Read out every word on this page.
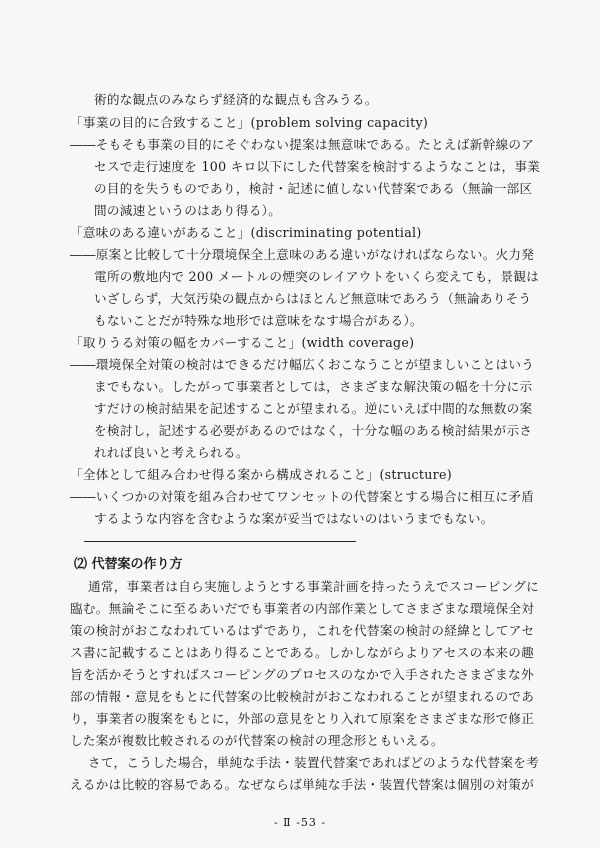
術的な観点のみならず経済的な観点も含みうる。
「事業の目的に合致すること」(problem solving capacity)
――そもそも事業の目的にそぐわない提案は無意味である。たとえば新幹線のア
セスで走行速度を 100 キロ以下にした代替案を検討するようなことは，事業
の目的を失うものであり，検討・記述に値しない代替案である（無論一部区
間の減速というのはあり得る）。
「意味のある違いがあること」(discriminating potential)
――原案と比較して十分環境保全上意味のある違いがなければならない。火力発
電所の敷地内で 200 メートルの煙突のレイアウトをいくら変えても，景観は
いざしらず，大気汚染の観点からはほとんど無意味であろう（無論ありそう
もないことだが特殊な地形では意味をなす場合がある）。
「取りうる対策の幅をカバーすること」(width coverage)
――環境保全対策の検討はできるだけ幅広くおこなうことが望ましいことはいう
までもない。したがって事業者としては，さまざまな解決策の幅を十分に示
すだけの検討結果を記述することが望まれる。逆にいえば中間的な無数の案
を検討し，記述する必要があるのではなく，十分な幅のある検討結果が示さ
れれば良いと考えられる。
「全体として組み合わせ得る案から構成されること」(structure)
――いくつかの対策を組み合わせてワンセットの代替案とする場合に相互に矛盾
するような内容を含むような案が妥当ではないのはいうまでもない。
⑵ 代替案の作り方
通常，事業者は自ら実施しようとする事業計画を持ったうえでスコーピングに
臨む。無論そこに至るあいだでも事業者の内部作業としてさまざまな環境保全対
策の検討がおこなわれているはずであり，これを代替案の検討の経緯としてアセ
ス書に記載することはあり得ることである。しかしながらよりアセスの本来の趣
旨を活かそうとすればスコーピングのプロセスのなかで入手されたさまざまな外
部の情報・意見をもとに代替案の比較検討がおこなわれることが望まれるのであ
り，事業者の腹案をもとに，外部の意見をとり入れて原案をさまざまな形で修正
した案が複数比較されるのが代替案の検討の理念形ともいえる。
さて，こうした場合，単純な手法・装置代替案であればどのような代替案を考
えるかは比較的容易である。なぜならば単純な手法・装置代替案は個別の対策が
- Ⅱ -53 -
